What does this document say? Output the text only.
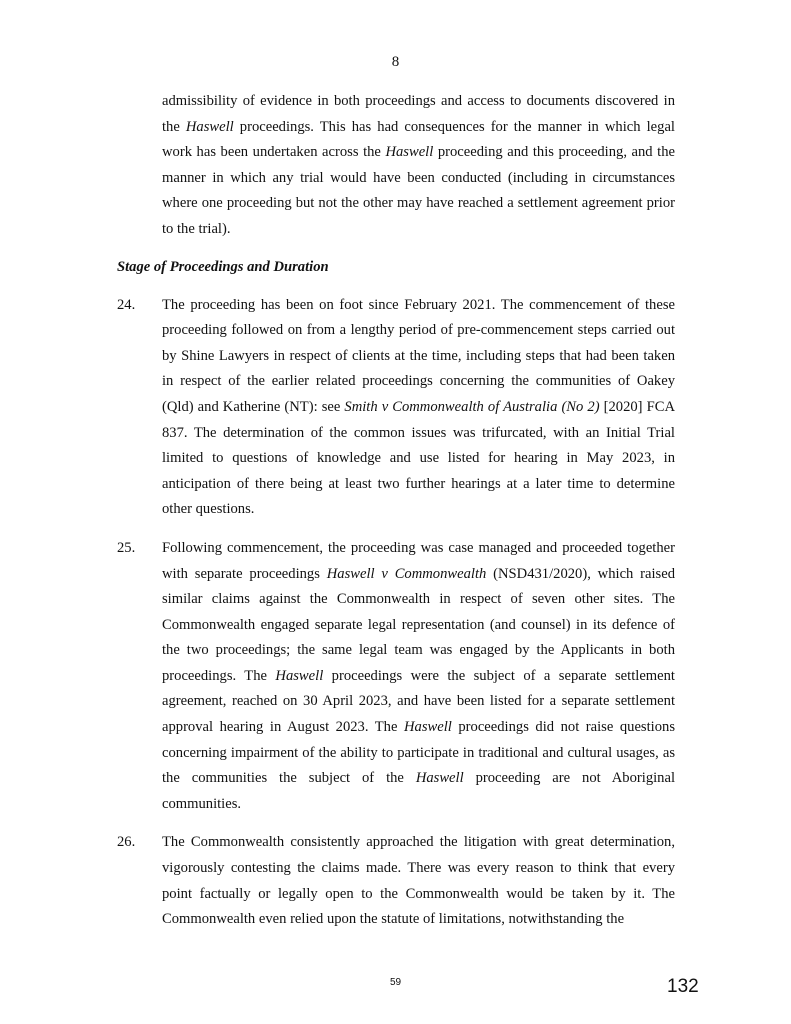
8
admissibility of evidence in both proceedings and access to documents discovered in the Haswell proceedings. This has had consequences for the manner in which legal work has been undertaken across the Haswell proceeding and this proceeding, and the manner in which any trial would have been conducted (including in circumstances where one proceeding but not the other may have reached a settlement agreement prior to the trial).
Stage of Proceedings and Duration
24.	The proceeding has been on foot since February 2021. The commencement of these proceeding followed on from a lengthy period of pre-commencement steps carried out by Shine Lawyers in respect of clients at the time, including steps that had been taken in respect of the earlier related proceedings concerning the communities of Oakey (Qld) and Katherine (NT): see Smith v Commonwealth of Australia (No 2) [2020] FCA 837. The determination of the common issues was trifurcated, with an Initial Trial limited to questions of knowledge and use listed for hearing in May 2023, in anticipation of there being at least two further hearings at a later time to determine other questions.
25.	Following commencement, the proceeding was case managed and proceeded together with separate proceedings Haswell v Commonwealth (NSD431/2020), which raised similar claims against the Commonwealth in respect of seven other sites. The Commonwealth engaged separate legal representation (and counsel) in its defence of the two proceedings; the same legal team was engaged by the Applicants in both proceedings. The Haswell proceedings were the subject of a separate settlement agreement, reached on 30 April 2023, and have been listed for a separate settlement approval hearing in August 2023. The Haswell proceedings did not raise questions concerning impairment of the ability to participate in traditional and cultural usages, as the communities the subject of the Haswell proceeding are not Aboriginal communities.
26.	The Commonwealth consistently approached the litigation with great determination, vigorously contesting the claims made. There was every reason to think that every point factually or legally open to the Commonwealth would be taken by it. The Commonwealth even relied upon the statute of limitations, notwithstanding the
59	132
